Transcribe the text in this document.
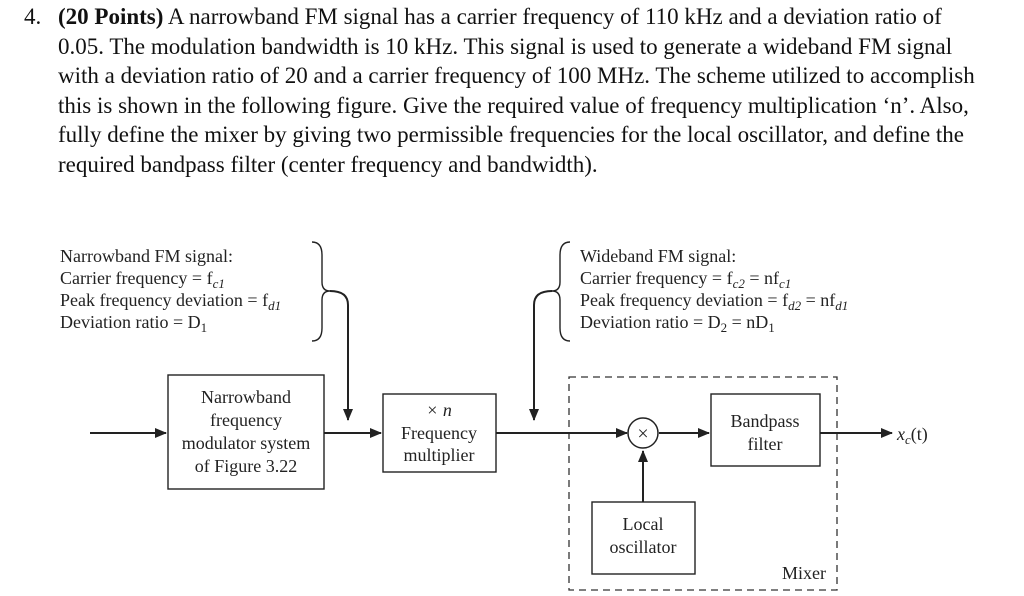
4. (20 Points) A narrowband FM signal has a carrier frequency of 110 kHz and a deviation ratio of 0.05. The modulation bandwidth is 10 kHz. This signal is used to generate a wideband FM signal with a deviation ratio of 20 and a carrier frequency of 100 MHz. The scheme utilized to accomplish this is shown in the following figure. Give the required value of frequency multiplication ‘n’. Also, fully define the mixer by giving two permissible frequencies for the local oscillator, and define the required bandpass filter (center frequency and bandwidth).
Narrowband FM signal:
Carrier frequency = $f_{c1}$
Peak frequency deviation = $f_{d1}$
Deviation ratio = $D_1$
Wideband FM signal:
Carrier frequency = $f_{c2} = nf_{c1}$
Peak frequency deviation = $f_{d2} = nf_{d1}$
Deviation ratio = $D_2 = nD_1$
Narrowband
frequency
modulator system
of Figure 3.22
× n
Frequency
multiplier
×
Bandpass
filter
Local
oscillator
Mixer
$x_c(t)$
